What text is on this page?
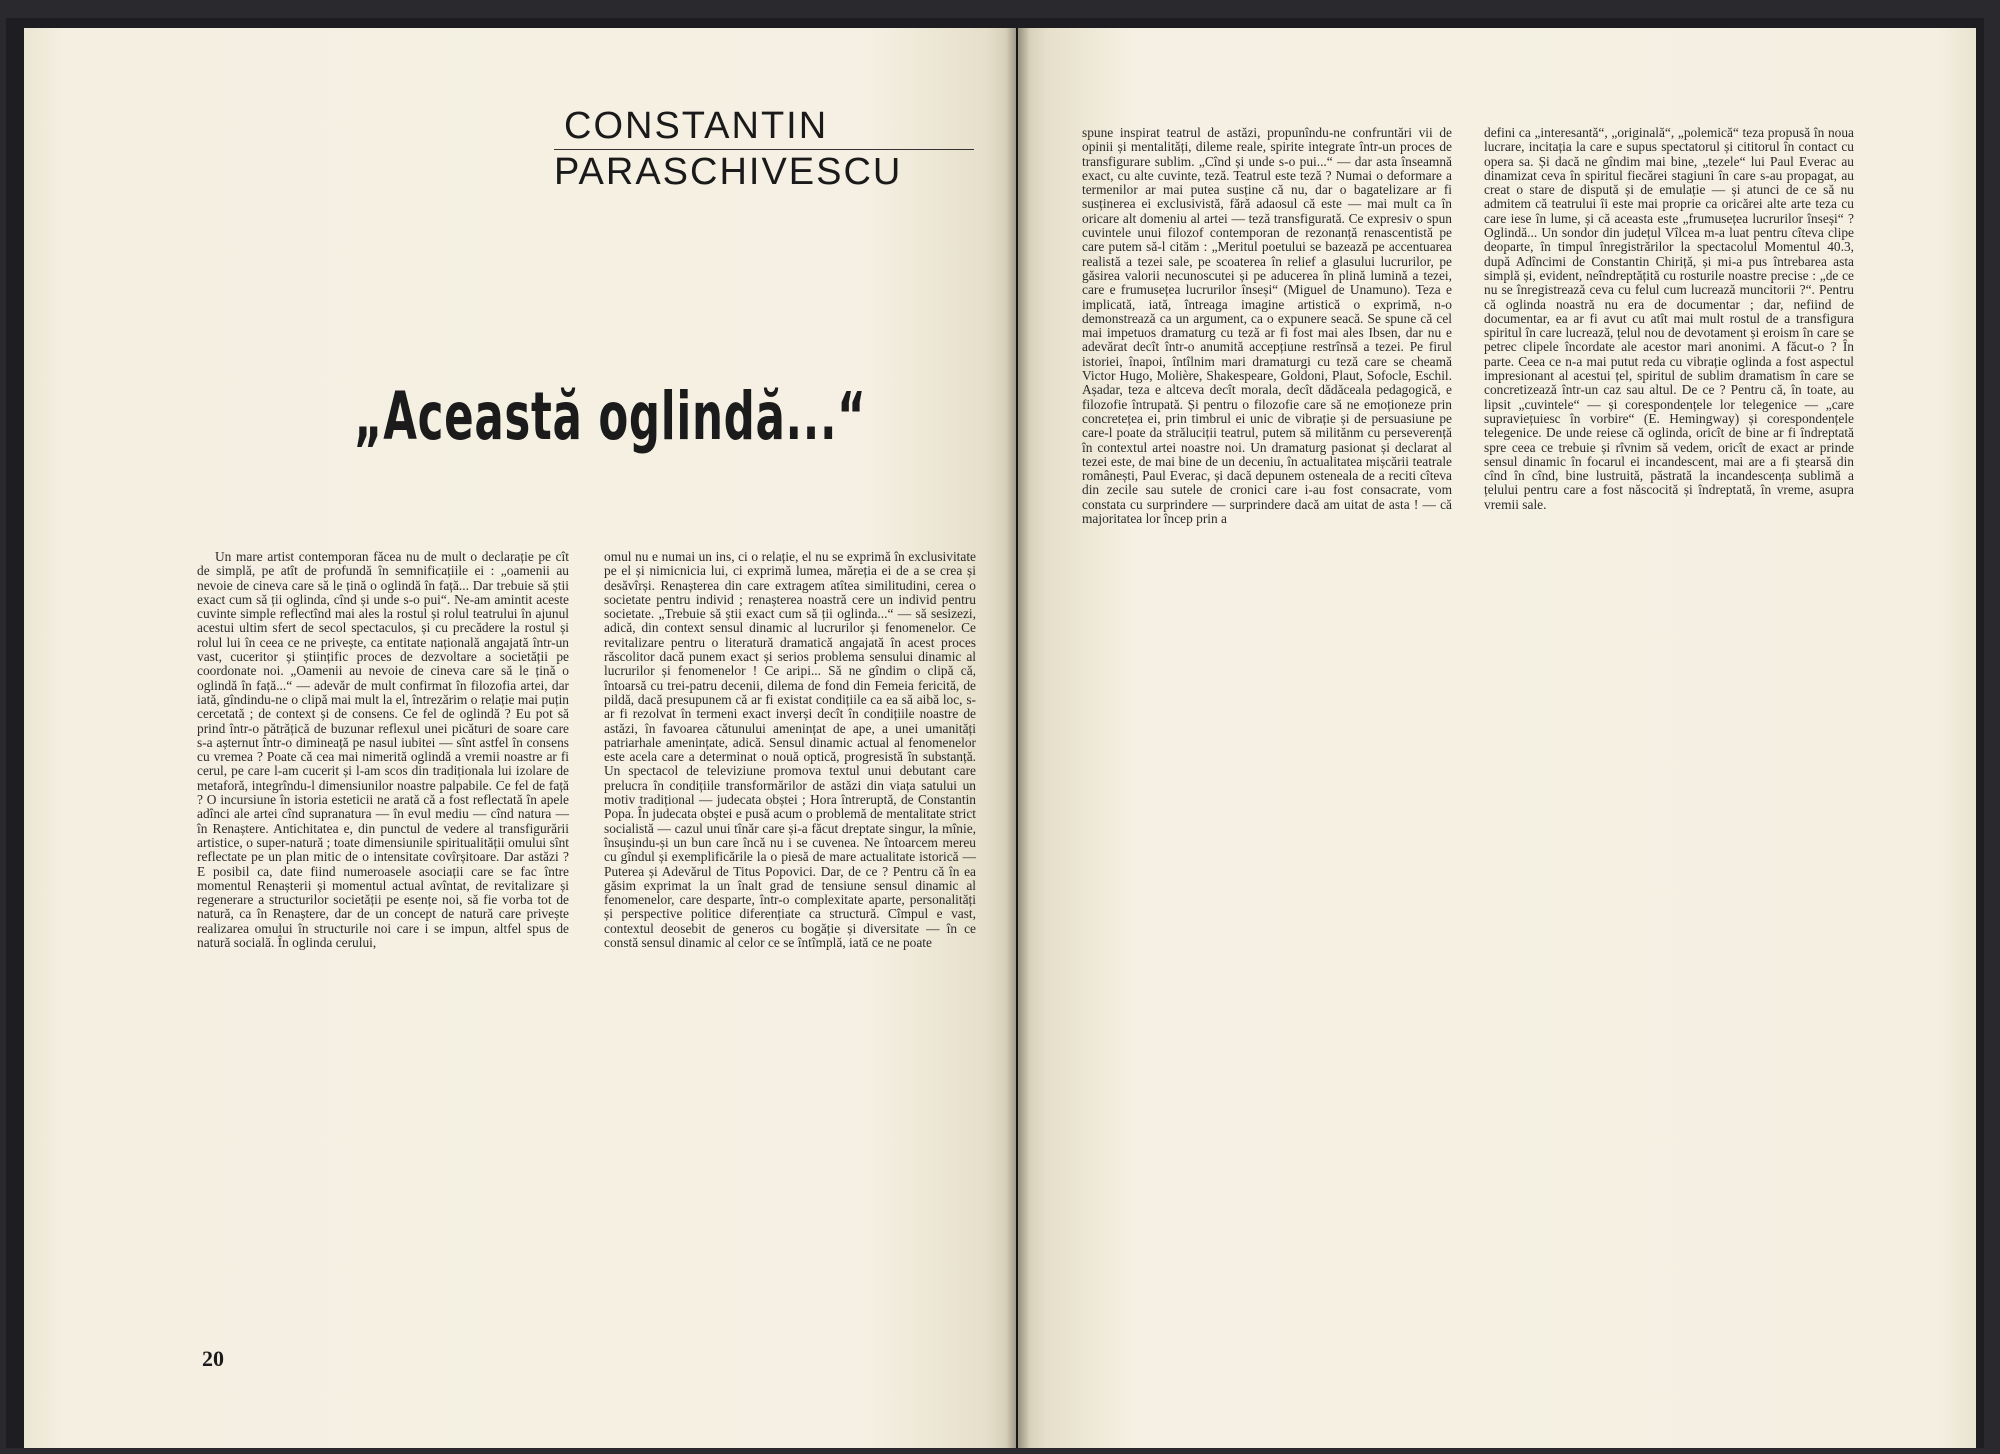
CONSTANTIN
PARASCHIVESCU
„Această oglindă...“

Un mare artist contemporan făcea nu de mult o declarație pe cît de simplă, pe atît de profundă în semnificațiile ei : „oamenii au nevoie de cineva care să le țină o oglindă în față... Dar trebuie să știi exact cum să ții oglinda, cînd și unde s-o pui“. Ne-am amintit aceste cuvinte simple reflectînd mai ales la rostul și rolul teatrului în ajunul acestui ultim sfert de secol spectaculos, și cu precădere la rostul și rolul lui în ceea ce ne privește, ca entitate națională angajată într-un vast, cuceritor și științific proces de dezvoltare a societății pe coordonate noi. „Oamenii au nevoie de cineva care să le țină o oglindă în față...“ — adevăr de mult confirmat în filozofia artei, dar iată, gîndindu-ne o clipă mai mult la el, întrezărim o relație mai puțin cercetată ; de context și de consens. Ce fel de oglindă ? Eu pot să prind într-o pătrățică de buzunar reflexul unei picături de soare care s-a așternut într-o dimineață pe nasul iubitei — sînt astfel în consens cu vremea ? Poate că cea mai nimerită oglindă a vremii noastre ar fi cerul, pe care l-am cucerit și l-am scos din tradiționala lui izolare de metaforă, integrîndu-l dimensiunilor noastre palpabile. Ce fel de față ? O incursiune în istoria esteticii ne arată că a fost reflectată în apele adînci ale artei cînd supranatura — în evul mediu — cînd natura — în Renaștere. Antichitatea e, din punctul de vedere al transfigurării artistice, o super-natură ; toate dimensiunile spiritualității omului sînt reflectate pe un plan mitic de o intensitate covîrșitoare. Dar astăzi ? E posibil ca, date fiind numeroasele asociații care se fac între momentul Renașterii și momentul actual avîntat, de revitalizare și regenerare a structurilor societății pe esențe noi, să fie vorba tot de natură, ca în Renaștere, dar de un concept de natură care privește realizarea omului în structurile noi care i se impun, altfel spus de natură socială. În oglinda cerului,

omul nu e numai un ins, ci o relație, el nu se exprimă în exclusivitate pe el și nimicnicia lui, ci exprimă lumea, măreția ei de a se crea și desăvîrși. Renașterea din care extragem atîtea similitudini, cerea o societate pentru individ ; renașterea noastră cere un individ pentru societate. „Trebuie să știi exact cum să ții oglinda...“ — să sesizezi, adică, din context sensul dinamic al lucrurilor și fenomenelor. Ce revitalizare pentru o literatură dramatică angajată în acest proces răscolitor dacă punem exact și serios problema sensului dinamic al lucrurilor și fenomenelor ! Ce aripi... Să ne gîndim o clipă că, întoarsă cu trei-patru decenii, dilema de fond din Femeia fericită, de pildă, dacă presupunem că ar fi existat condițiile ca ea să aibă loc, s-ar fi rezolvat în termeni exact inverși decît în condițiile noastre de astăzi, în favoarea cătunului amenințat de ape, a unei umanități patriarhale amenințate, adică. Sensul dinamic actual al fenomenelor este acela care a determinat o nouă optică, progresistă în substanță. Un spectacol de televiziune promova textul unui debutant care prelucra în condițiile transformărilor de astăzi din viața satului un motiv tradițional — judecata obștei ; Hora întreruptă, de Constantin Popa. În judecata obștei e pusă acum o problemă de mentalitate strict socialistă — cazul unui tînăr care și-a făcut dreptate singur, la mînie, însușindu-și un bun care încă nu i se cuvenea. Ne întoarcem mereu cu gîndul și exemplificările la o piesă de mare actualitate istorică — Puterea și Adevărul de Titus Popovici. Dar, de ce ? Pentru că în ea găsim exprimat la un înalt grad de tensiune sensul dinamic al fenomenelor, care desparte, într-o complexitate aparte, personalități și perspective politice diferențiate ca structură. Cîmpul e vast, contextul deosebit de generos cu bogăție și diversitate — în ce constă sensul dinamic al celor ce se întîmplă, iată ce ne poate

20

spune inspirat teatrul de astăzi, propunîndu-ne confruntări vii de opinii și mentalități, dileme reale, spirite integrate într-un proces de transfigurare sublim. „Cînd și unde s-o pui...“ — dar asta înseamnă exact, cu alte cuvinte, teză. Teatrul este teză ? Numai o deformare a termenilor ar mai putea susține că nu, dar o bagatelizare ar fi susținerea ei exclusivistă, fără adaosul că este — mai mult ca în oricare alt domeniu al artei — teză transfigurată. Ce expresiv o spun cuvintele unui filozof contemporan de rezonanță renascentistă pe care putem să-l cităm : „Meritul poetului se bazează pe accentuarea realistă a tezei sale, pe scoaterea în relief a glasului lucrurilor, pe găsirea valorii necunoscutei și pe aducerea în plină lumină a tezei, care e frumusețea lucrurilor înseși“ (Miguel de Unamuno). Teza e implicată, iată, întreaga imagine artistică o exprimă, n-o demonstrează ca un argument, ca o expunere seacă. Se spune că cel mai impetuos dramaturg cu teză ar fi fost mai ales Ibsen, dar nu e adevărat decît într-o anumită accepțiune restrînsă a tezei. Pe firul istoriei, înapoi, întîlnim mari dramaturgi cu teză care se cheamă Victor Hugo, Molière, Shakespeare, Goldoni, Plaut, Sofocle, Eschil. Așadar, teza e altceva decît morala, decît dădăceala pedagogică, e filozofie întrupată. Și pentru o filozofie care să ne emoționeze prin concretețea ei, prin timbrul ei unic de vibrație și de persuasiune pe care-l poate da străluciții teatrul, putem să militănm cu perseverență în contextul artei noastre noi. Un dramaturg pasionat și declarat al tezei este, de mai bine de un deceniu, în actualitatea mișcării teatrale românești, Paul Everac, și dacă depunem osteneala de a reciti cîteva din zecile sau sutele de cronici care i-au fost consacrate, vom constata cu surprindere — surprindere dacă am uitat de asta ! — că majoritatea lor încep prin a

defini ca „interesantă“, „originală“, „polemică“ teza propusă în noua lucrare, incitația la care e supus spectatorul și cititorul în contact cu opera sa. Și dacă ne gîndim mai bine, „tezele“ lui Paul Everac au dinamizat ceva în spiritul fiecărei stagiuni în care s-au propagat, au creat o stare de dispută și de emulație — și atunci de ce să nu admitem că teatrului îi este mai proprie ca oricărei alte arte teza cu care iese în lume, și că aceasta este „frumusețea lucrurilor înseși“ ? Oglindă... Un sondor din județul Vîlcea m-a luat pentru cîteva clipe deoparte, în timpul înregistrărilor la spectacolul Momentul 40.3, după Adîncimi de Constantin Chiriță, și mi-a pus întrebarea asta simplă și, evident, neîndreptățită cu rosturile noastre precise : „de ce nu se înregistrează ceva cu felul cum lucrează muncitorii ?“. Pentru că oglinda noastră nu era de documentar ; dar, nefiind de documentar, ea ar fi avut cu atît mai mult rostul de a transfigura spiritul în care lucrează, țelul nou de devotament și eroism în care se petrec clipele încordate ale acestor mari anonimi. A făcut-o ? În parte. Ceea ce n-a mai putut reda cu vibrație oglinda a fost aspectul impresionant al acestui țel, spiritul de sublim dramatism în care se concretizează într-un caz sau altul. De ce ? Pentru că, în toate, au lipsit „cuvintele“ — și corespondențele lor telegenice — „care supraviețuiesc în vorbire“ (E. Hemingway) și corespondențele telegenice. De unde reiese că oglinda, oricît de bine ar fi îndreptată spre ceea ce trebuie și rîvnim să vedem, oricît de exact ar prinde sensul dinamic în focarul ei incandescent, mai are a fi ștearsă din cînd în cînd, bine lustruită, păstrată la incandescența sublimă a țelului pentru care a fost născocită și îndreptată, în vreme, asupra vremii sale.
